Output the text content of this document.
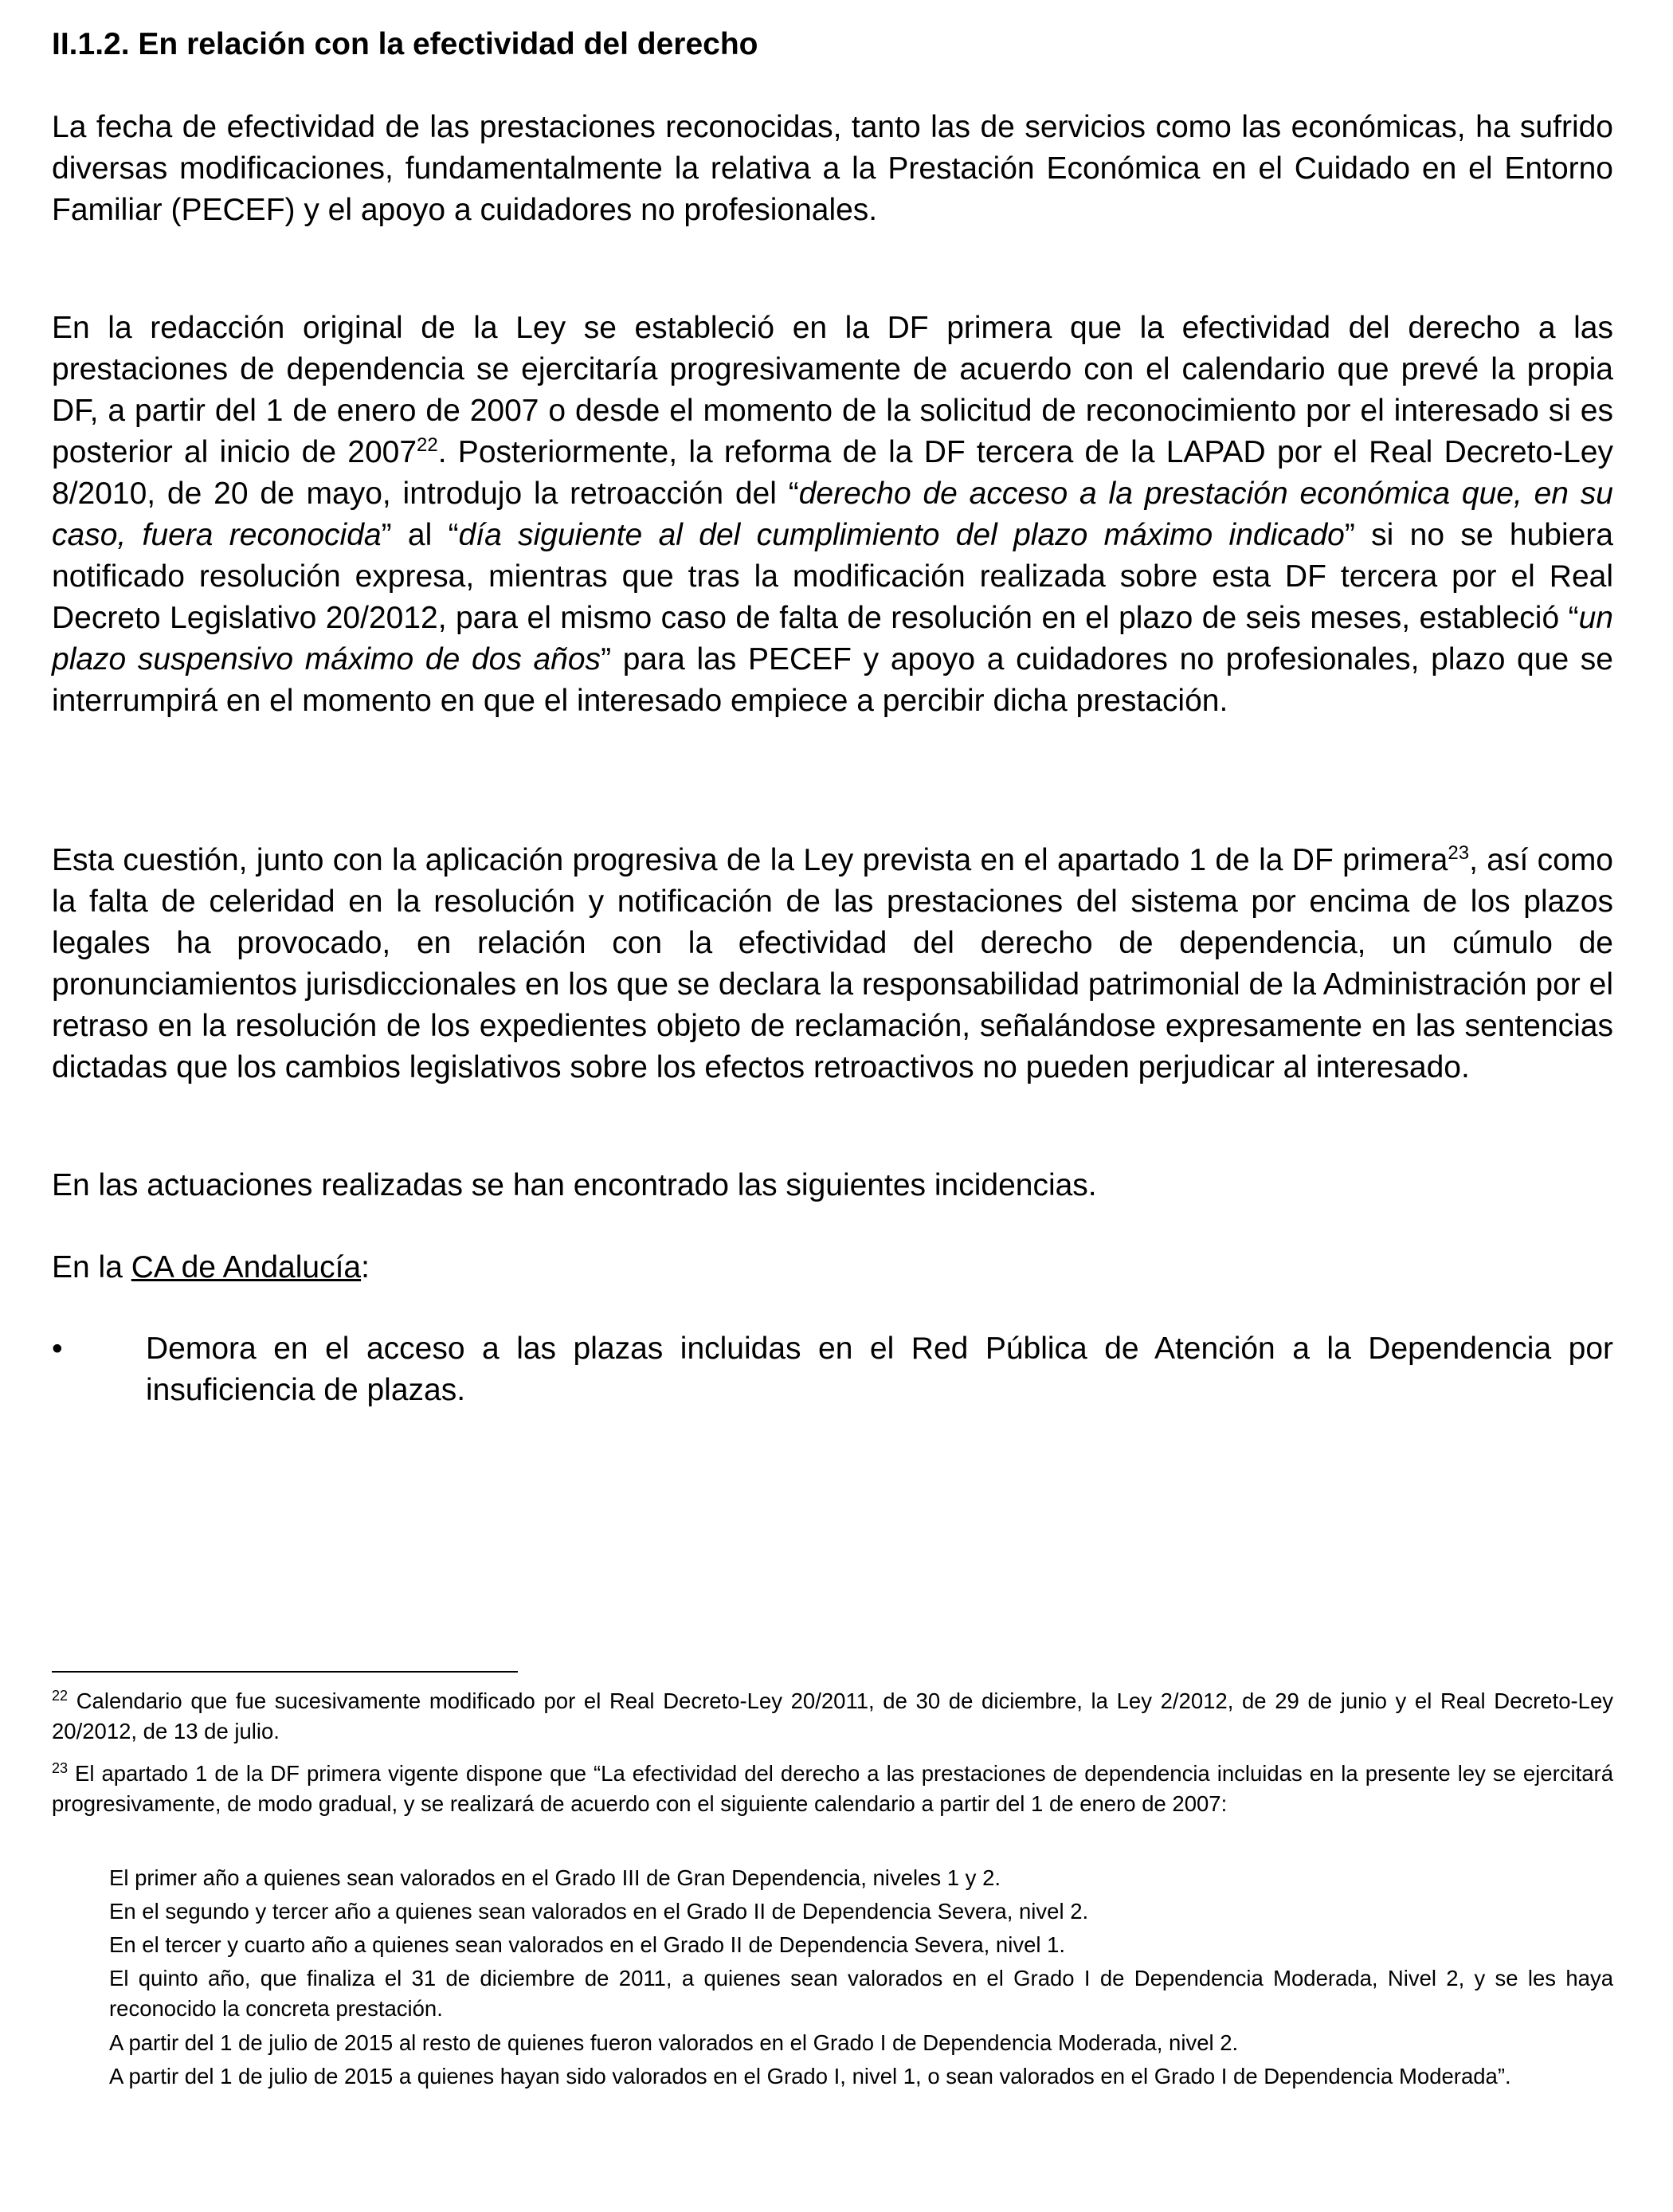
II.1.2. En relación con la efectividad del derecho

La fecha de efectividad de las prestaciones reconocidas, tanto las de servicios como las económicas, ha sufrido diversas modificaciones, fundamentalmente la relativa a la Prestación Económica en el Cuidado en el Entorno Familiar (PECEF) y el apoyo a cuidadores no profesionales.

En la redacción original de la Ley se estableció en la DF primera que la efectividad del derecho a las prestaciones de dependencia se ejercitaría progresivamente de acuerdo con el calendario que prevé la propia DF, a partir del 1 de enero de 2007 o desde el momento de la solicitud de reconocimiento por el interesado si es posterior al inicio de 2007$^{22}$. Posteriormente, la reforma de la DF tercera de la LAPAD por el Real Decreto-Ley 8/2010, de 20 de mayo, introdujo la retroacción del “derecho de acceso a la prestación económica que, en su caso, fuera reconocida” al “día siguiente al del cumplimiento del plazo máximo indicado” si no se hubiera notificado resolución expresa, mientras que tras la modificación realizada sobre esta DF tercera por el Real Decreto Legislativo 20/2012, para el mismo caso de falta de resolución en el plazo de seis meses, estableció “un plazo suspensivo máximo de dos años” para las PECEF y apoyo a cuidadores no profesionales, plazo que se interrumpirá en el momento en que el interesado empiece a percibir dicha prestación.

Esta cuestión, junto con la aplicación progresiva de la Ley prevista en el apartado 1 de la DF primera$^{23}$, así como la falta de celeridad en la resolución y notificación de las prestaciones del sistema por encima de los plazos legales ha provocado, en relación con la efectividad del derecho de dependencia, un cúmulo de pronunciamientos jurisdiccionales en los que se declara la responsabilidad patrimonial de la Administración por el retraso en la resolución de los expedientes objeto de reclamación, señalándose expresamente en las sentencias dictadas que los cambios legislativos sobre los efectos retroactivos no pueden perjudicar al interesado.

En las actuaciones realizadas se han encontrado las siguientes incidencias.

En la CA de Andalucía:

•	Demora en el acceso a las plazas incluidas en el Red Pública de Atención a la Dependencia por insuficiencia de plazas.

$^{22}$ Calendario que fue sucesivamente modificado por el Real Decreto-Ley 20/2011, de 30 de diciembre, la Ley 2/2012, de 29 de junio y el Real Decreto-Ley 20/2012, de 13 de julio.

$^{23}$ El apartado 1 de la DF primera vigente dispone que “La efectividad del derecho a las prestaciones de dependencia incluidas en la presente ley se ejercitará progresivamente, de modo gradual, y se realizará de acuerdo con el siguiente calendario a partir del 1 de enero de 2007:

El primer año a quienes sean valorados en el Grado III de Gran Dependencia, niveles 1 y 2.

En el segundo y tercer año a quienes sean valorados en el Grado II de Dependencia Severa, nivel 2.

En el tercer y cuarto año a quienes sean valorados en el Grado II de Dependencia Severa, nivel 1.

El quinto año, que finaliza el 31 de diciembre de 2011, a quienes sean valorados en el Grado I de Dependencia Moderada, Nivel 2, y se les haya reconocido la concreta prestación.

A partir del 1 de julio de 2015 al resto de quienes fueron valorados en el Grado I de Dependencia Moderada, nivel 2.

A partir del 1 de julio de 2015 a quienes hayan sido valorados en el Grado I, nivel 1, o sean valorados en el Grado I de Dependencia Moderada”.
